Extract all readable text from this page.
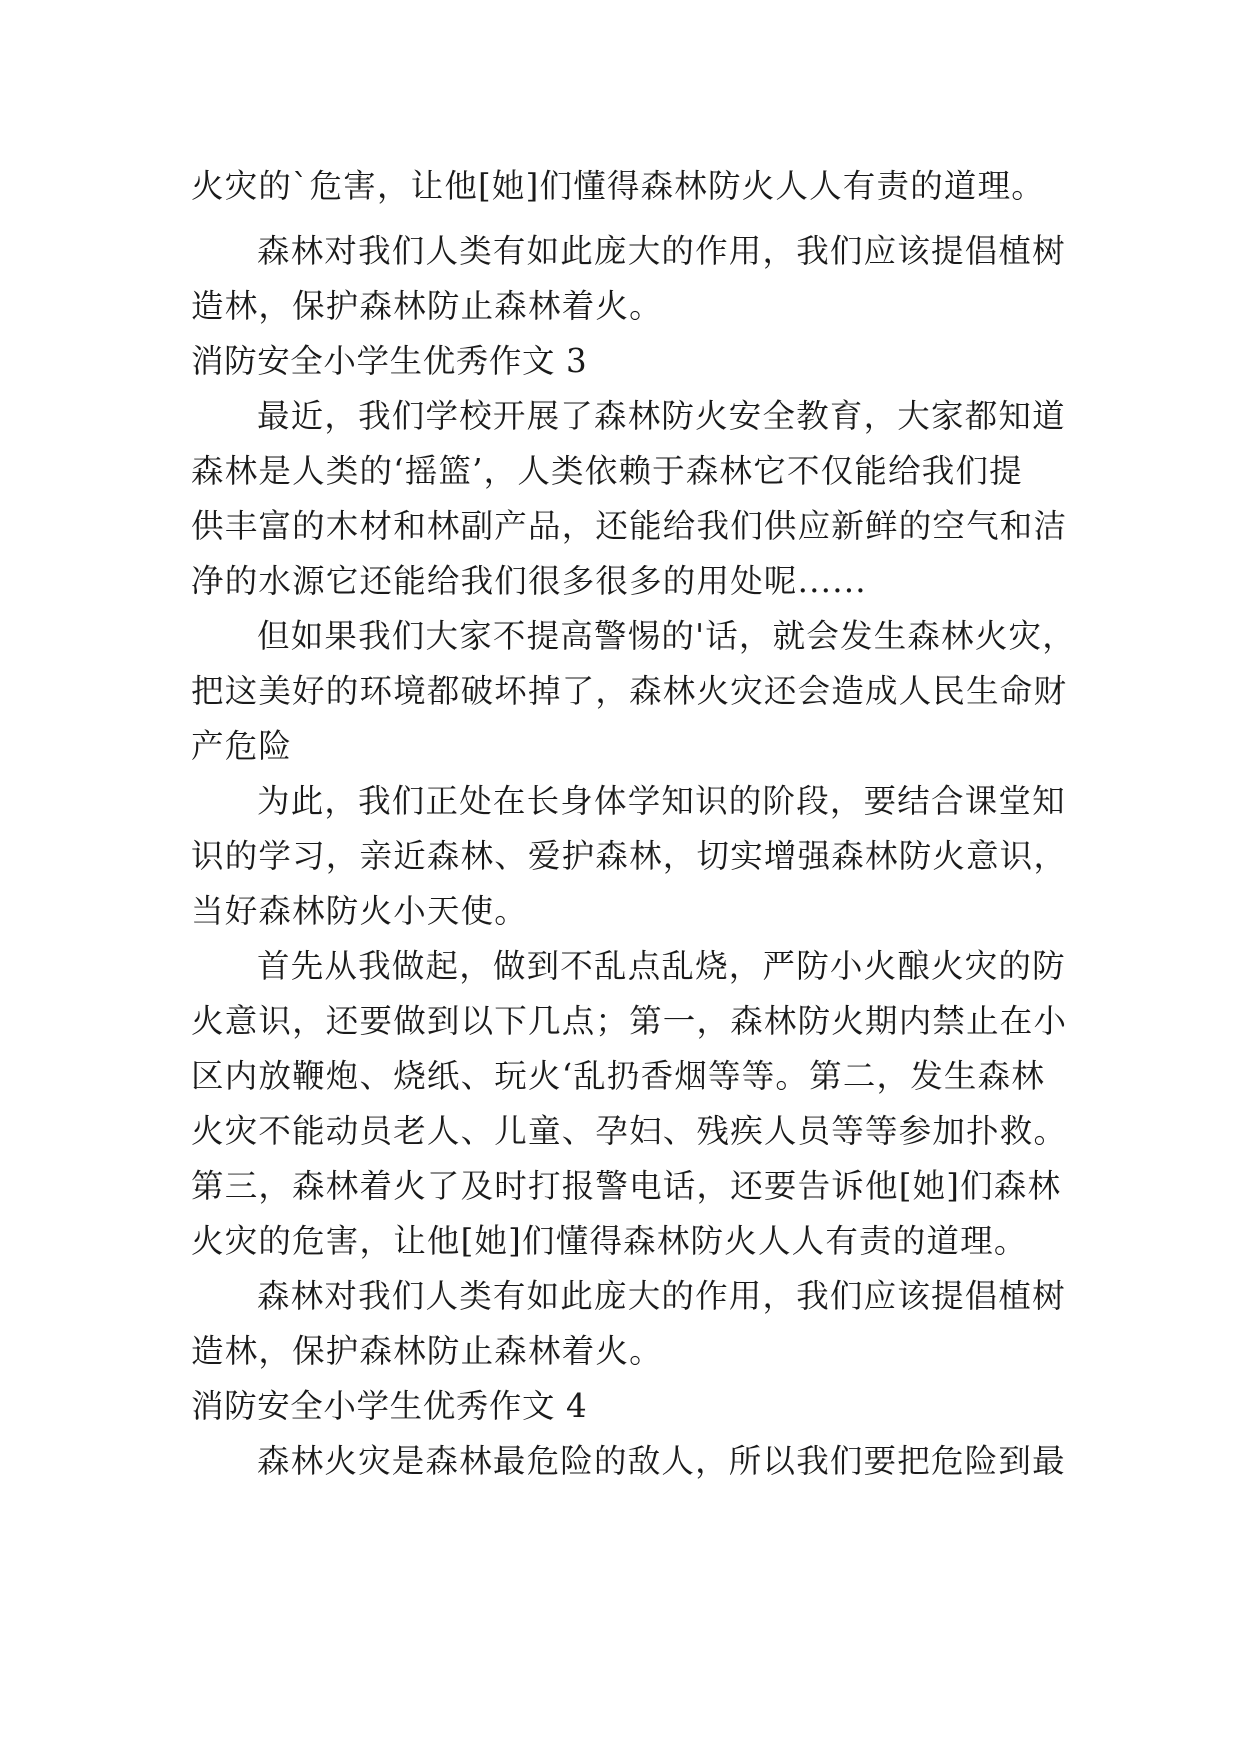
火灾的`危害，让他[她]们懂得森林防火人人有责的道理。
森林对我们人类有如此庞大的作用，我们应该提倡植树
造林，保护森林防止森林着火。
消防安全小学生优秀作文 3
最近，我们学校开展了森林防火安全教育，大家都知道
森林是人类的‘摇篮’，人类依赖于森林它不仅能给我们提
供丰富的木材和林副产品，还能给我们供应新鲜的空气和洁
净的水源它还能给我们很多很多的用处呢......
但如果我们大家不提高警惕的'话，就会发生森林火灾，
把这美好的环境都破坏掉了，森林火灾还会造成人民生命财
产危险
为此，我们正处在长身体学知识的阶段，要结合课堂知
识的学习，亲近森林、爱护森林，切实增强森林防火意识，
当好森林防火小天使。
首先从我做起，做到不乱点乱烧，严防小火酿火灾的防
火意识，还要做到以下几点；第一，森林防火期内禁止在小
区内放鞭炮、烧纸、玩火‘乱扔香烟等等。第二，发生森林
火灾不能动员老人、儿童、孕妇、残疾人员等等参加扑救。
第三，森林着火了及时打报警电话，还要告诉他[她]们森林
火灾的危害，让他[她]们懂得森林防火人人有责的道理。
森林对我们人类有如此庞大的作用，我们应该提倡植树
造林，保护森林防止森林着火。
消防安全小学生优秀作文 4
森林火灾是森林最危险的敌人，所以我们要把危险到最
